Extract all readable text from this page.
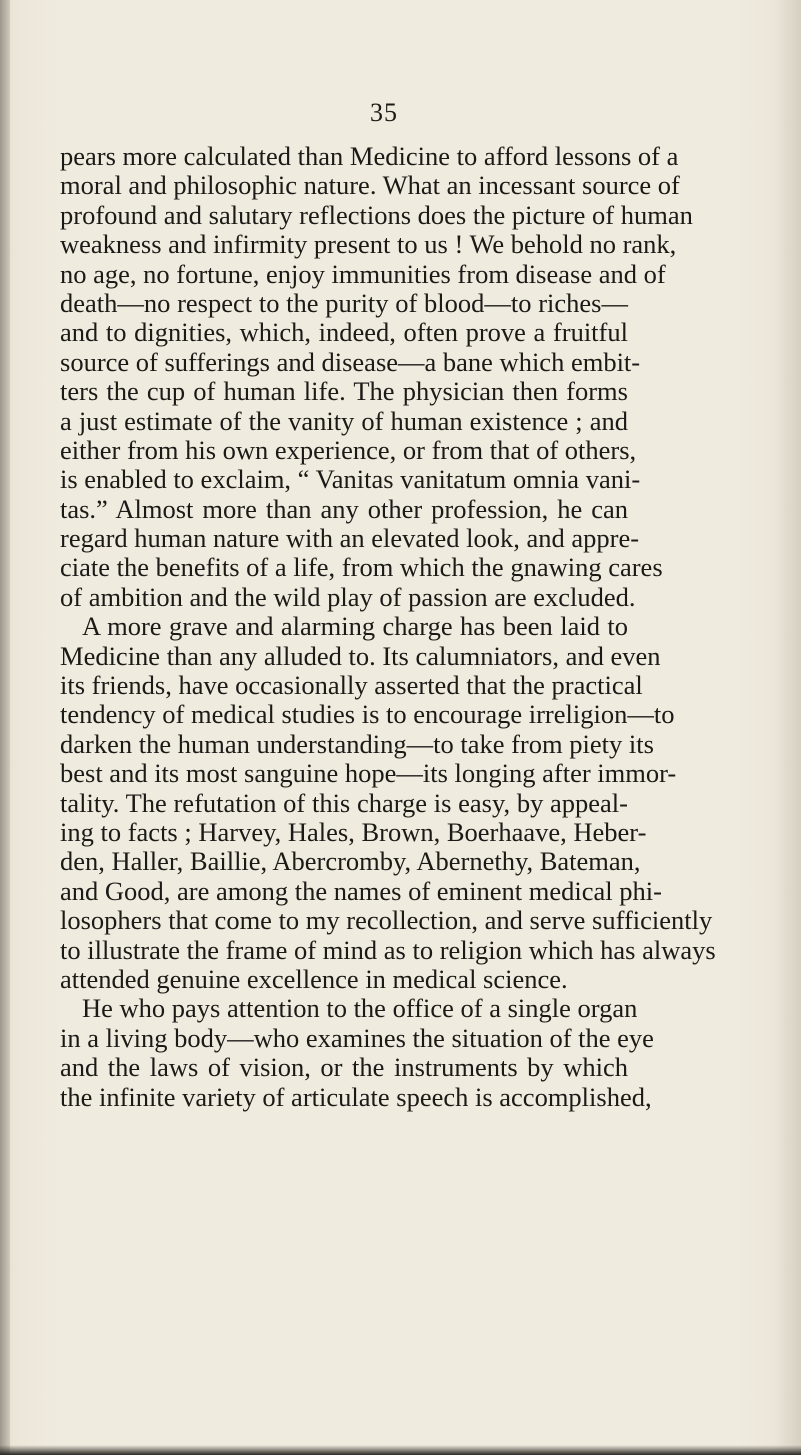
35
pears more calculated than Medicine to afford lessons of a
moral and philosophic nature. What an incessant source of
profound and salutary reflections does the picture of human
weakness and infirmity present to us ! We behold no rank,
no age, no fortune, enjoy immunities from disease and of
death—no respect to the purity of blood—to riches—
and to dignities, which, indeed, often prove a fruitful
source of sufferings and disease—a bane which embit-
ters the cup of human life. The physician then forms
a just estimate of the vanity of human existence ; and
either from his own experience, or from that of others,
is enabled to exclaim, “ Vanitas vanitatum omnia vani-
tas.” Almost more than any other profession, he can
regard human nature with an elevated look, and appre-
ciate the benefits of a life, from which the gnawing cares
of ambition and the wild play of passion are excluded.
A more grave and alarming charge has been laid to
Medicine than any alluded to. Its calumniators, and even
its friends, have occasionally asserted that the practical
tendency of medical studies is to encourage irreligion—to
darken the human understanding—to take from piety its
best and its most sanguine hope—its longing after immor-
tality. The refutation of this charge is easy, by appeal-
ing to facts ; Harvey, Hales, Brown, Boerhaave, Heber-
den, Haller, Baillie, Abercromby, Abernethy, Bateman,
and Good, are among the names of eminent medical phi-
losophers that come to my recollection, and serve sufficiently
to illustrate the frame of mind as to religion which has always
attended genuine excellence in medical science.
He who pays attention to the office of a single organ
in a living body—who examines the situation of the eye
and the laws of vision, or the instruments by which
the infinite variety of articulate speech is accomplished,
